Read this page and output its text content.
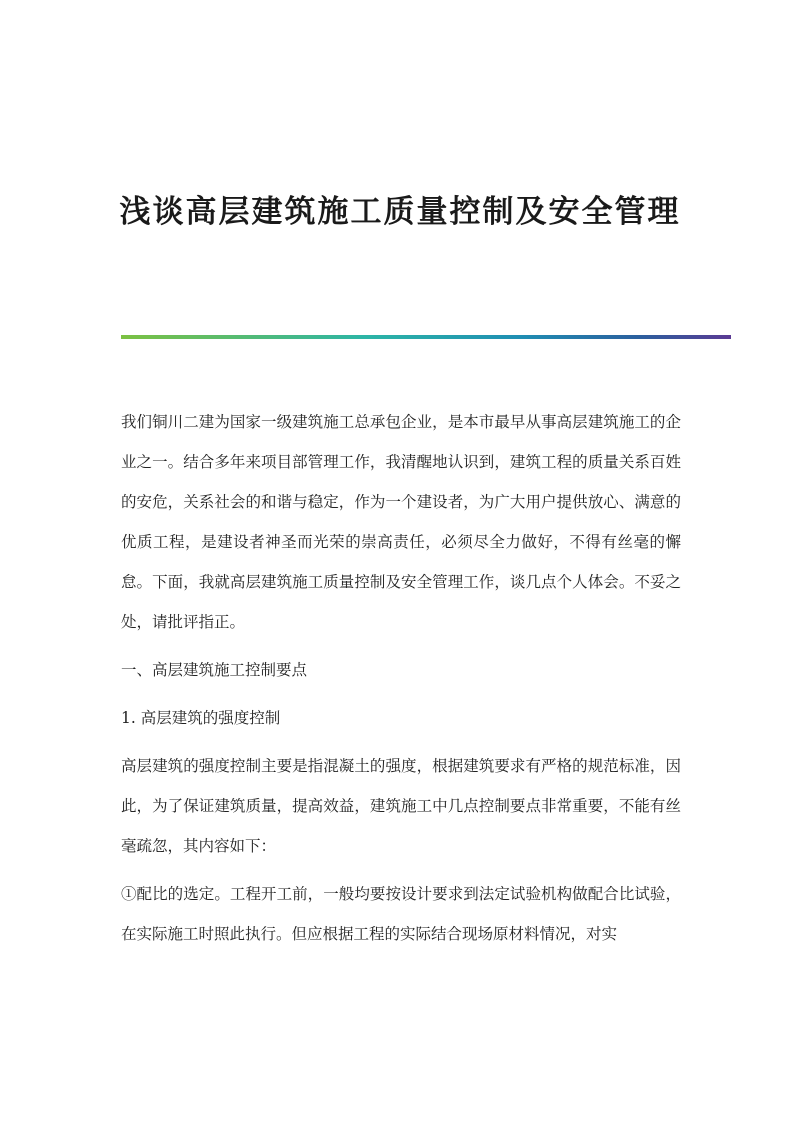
浅谈高层建筑施工质量控制及安全管理

我们铜川二建为国家一级建筑施工总承包企业，是本市最早从事高层建筑施工的企业之一。结合多年来项目部管理工作，我清醒地认识到，建筑工程的质量关系百姓的安危，关系社会的和谐与稳定，作为一个建设者，为广大用户提供放心、满意的优质工程，是建设者神圣而光荣的崇高责任，必须尽全力做好，不得有丝毫的懈怠。下面，我就高层建筑施工质量控制及安全管理工作，谈几点个人体会。不妥之处，请批评指正。

一、高层建筑施工控制要点

1. 高层建筑的强度控制

高层建筑的强度控制主要是指混凝土的强度，根据建筑要求有严格的规范标准，因此，为了保证建筑质量，提高效益，建筑施工中几点控制要点非常重要，不能有丝毫疏忽，其内容如下：

①配比的选定。工程开工前，一般均要按设计要求到法定试验机构做配合比试验，在实际施工时照此执行。但应根据工程的实际结合现场原材料情况，对实
